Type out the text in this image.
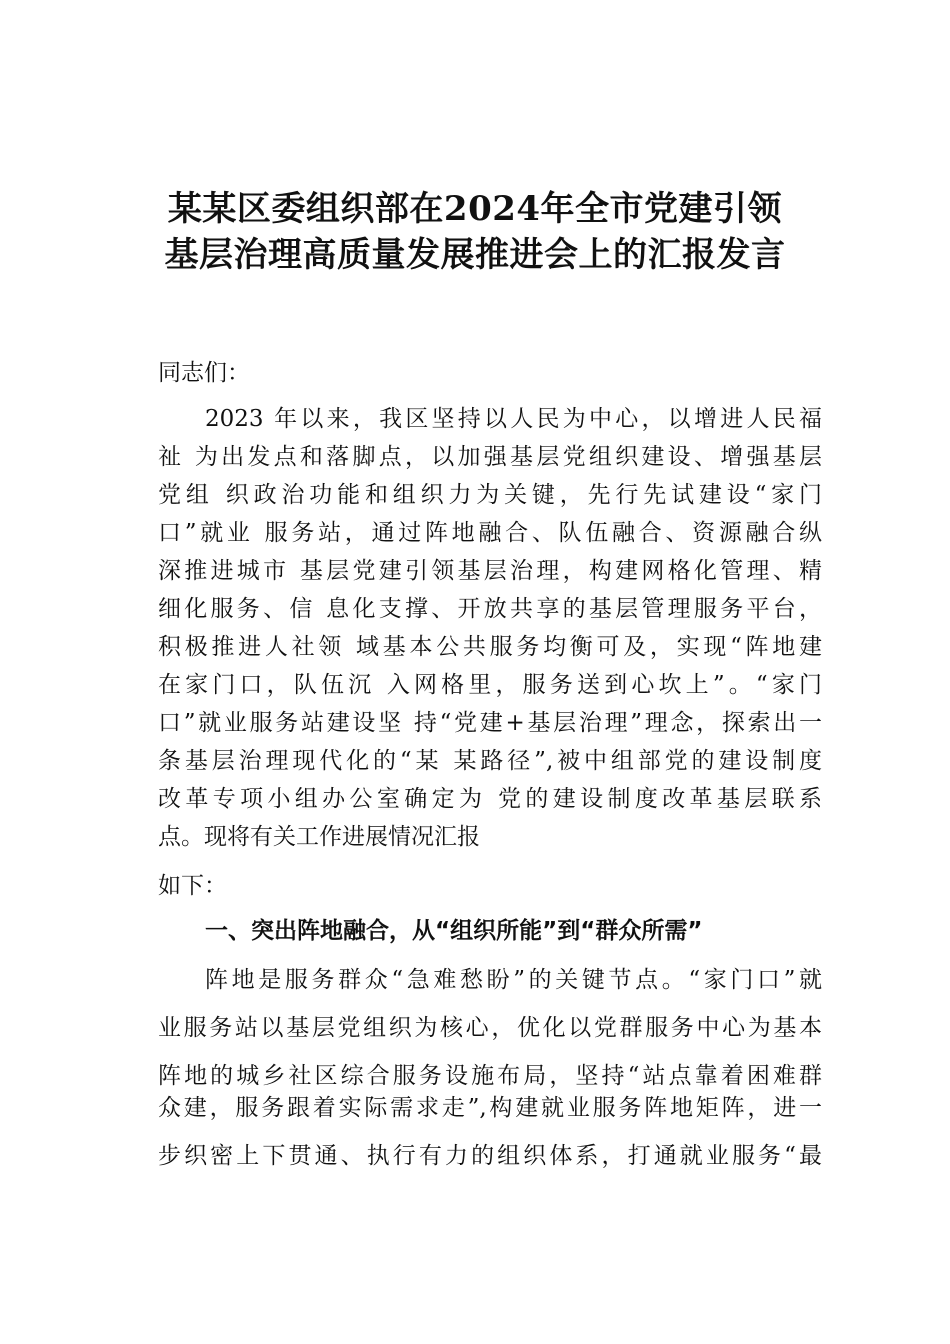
某某区委组织部在2024年全市党建引领
基层治理高质量发展推进会上的汇报发言
同志们：
2023 年以来，我区坚持以人民为中心，以增进人民福
祉 为出发点和落脚点，以加强基层党组织建设、增强基层
党组 织政治功能和组织力为关键，先行先试建设“家门
口”就业 服务站，通过阵地融合、队伍融合、资源融合纵
深推进城市 基层党建引领基层治理，构建网格化管理、精
细化服务、信 息化支撑、开放共享的基层管理服务平台，
积极推进人社领 域基本公共服务均衡可及，实现“阵地建
在家门口，队伍沉 入网格里，服务送到心坎上”。“家门
口”就业服务站建设坚 持“党建+基层治理”理念，探索出一
条基层治理现代化的“某 某路径”,被中组部党的建设制度
改革专项小组办公室确定为 党的建设制度改革基层联系
点。现将有关工作进展情况汇报
如下：
一、突出阵地融合，从“组织所能”到“群众所需”
阵地是服务群众“急难愁盼”的关键节点。“家门口”就
业服务站以基层党组织为核心，优化以党群服务中心为基本
阵地的城乡社区综合服务设施布局，坚持“站点靠着困难群
众建，服务跟着实际需求走”,构建就业服务阵地矩阵，进一
步织密上下贯通、执行有力的组织体系，打通就业服务“最
